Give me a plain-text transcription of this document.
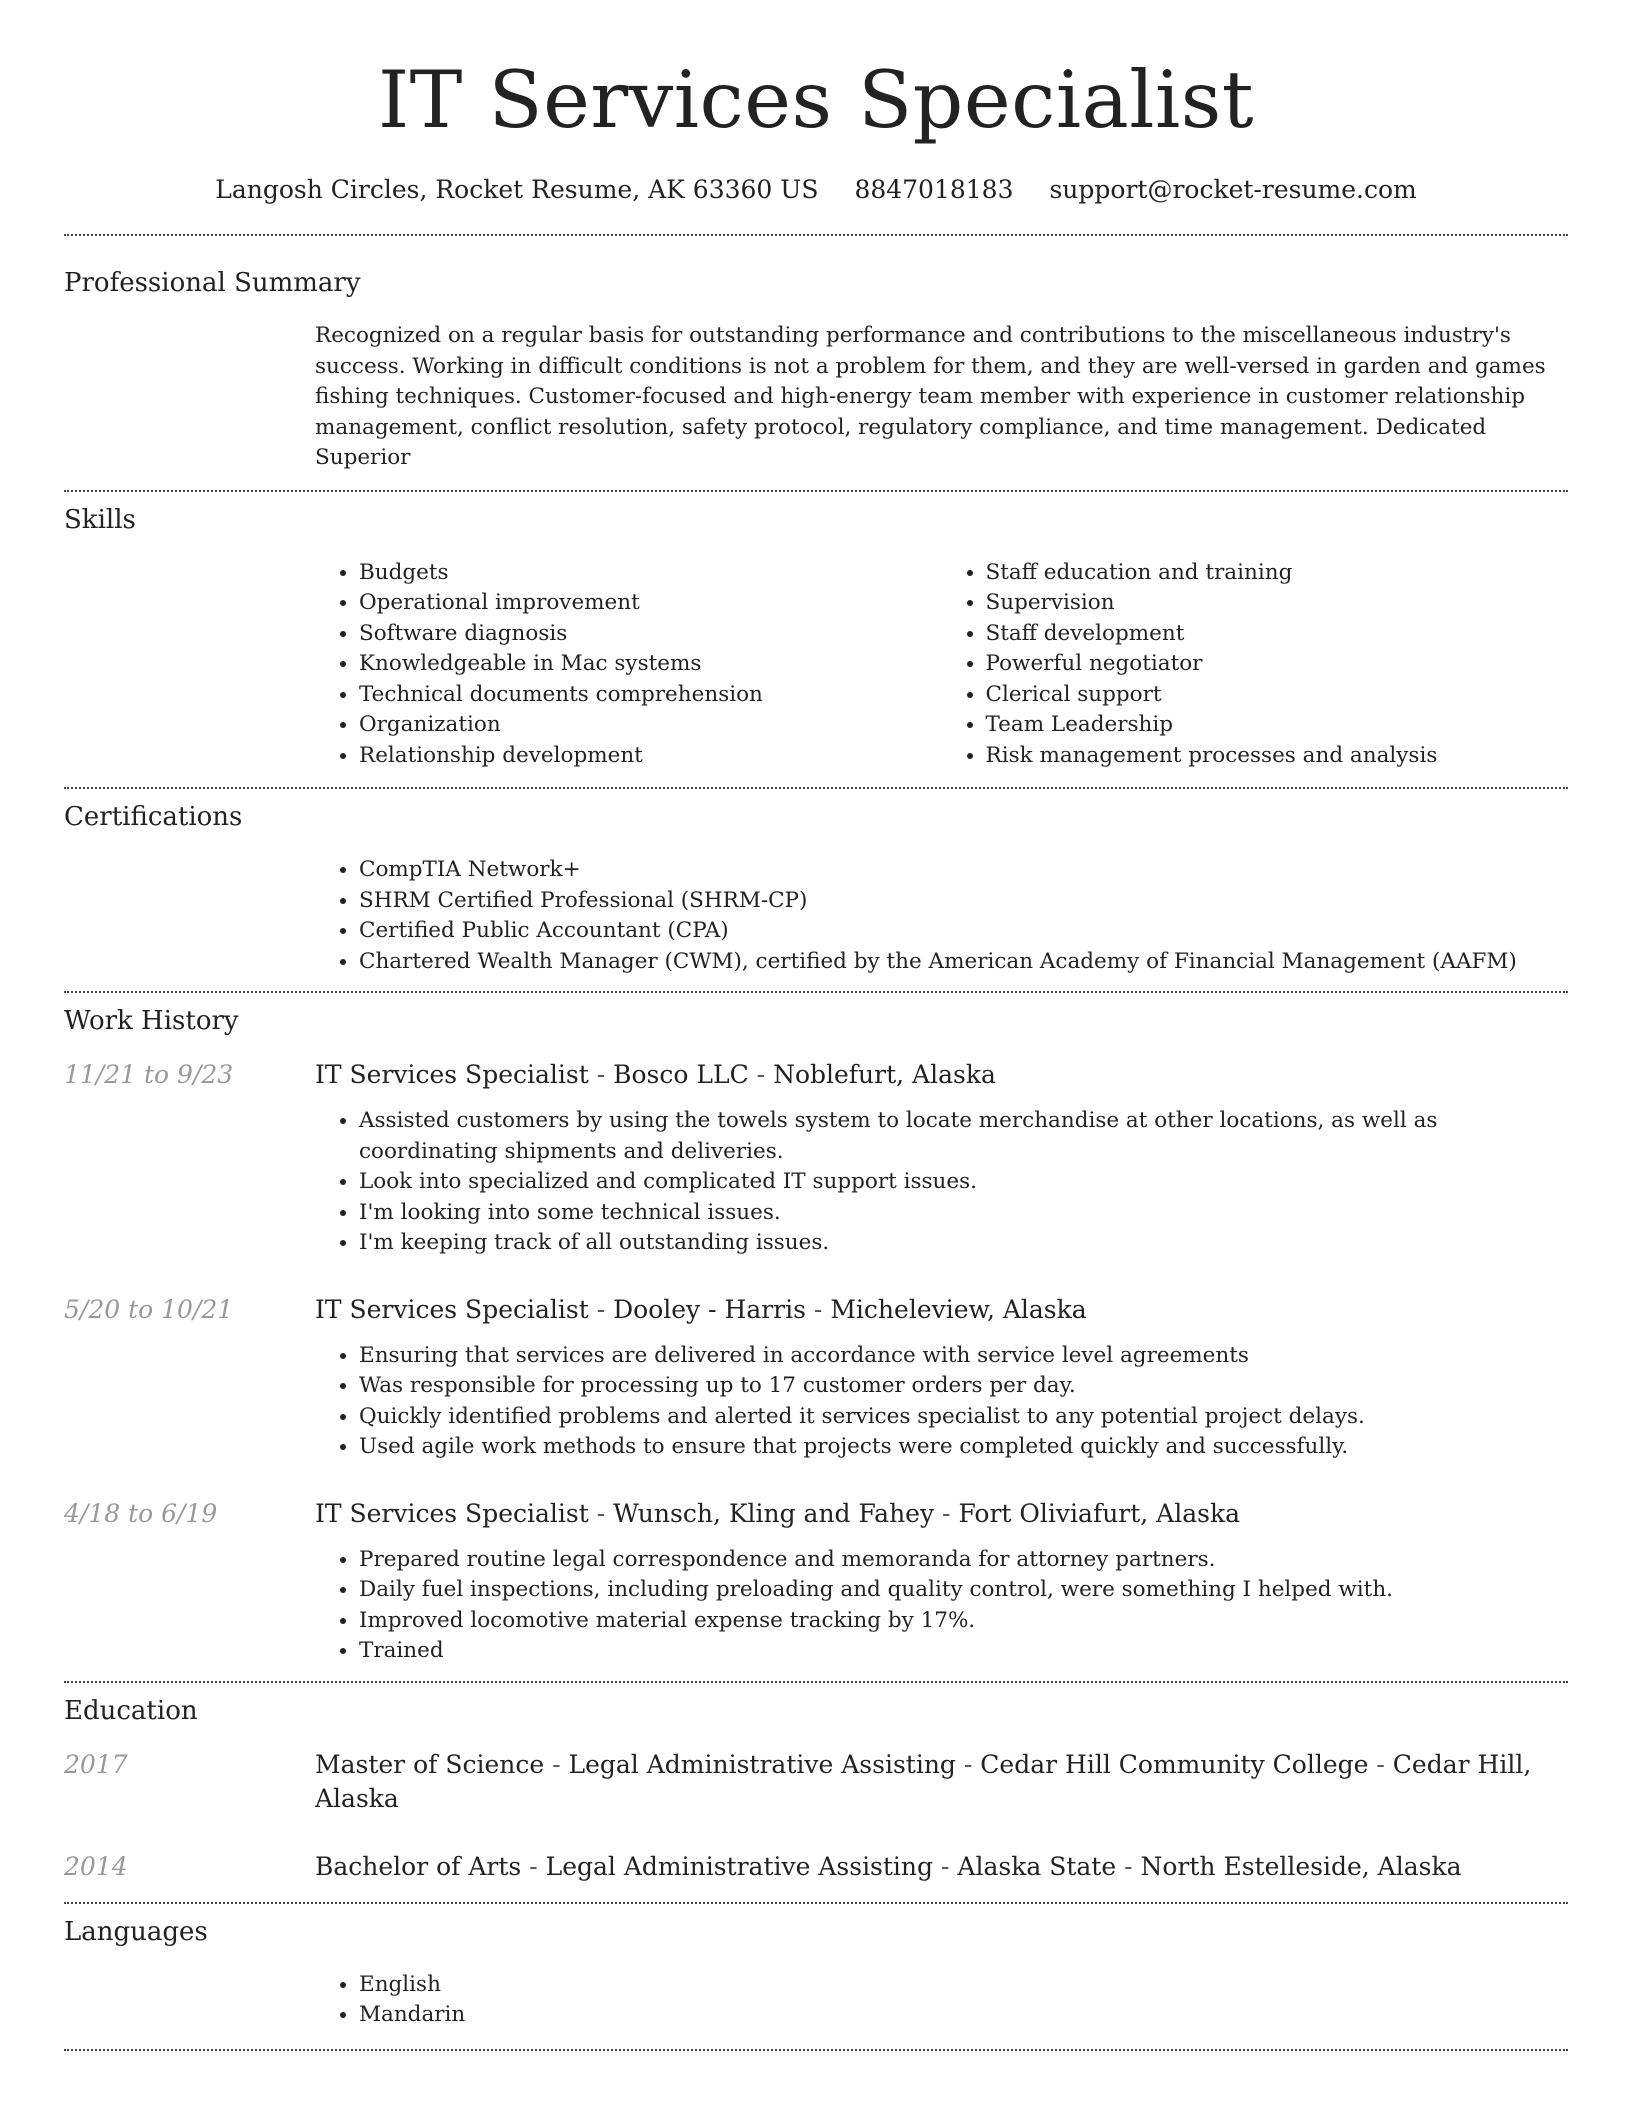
IT Services Specialist
Langosh Circles, Rocket Resume, AK 63360 US 8847018183 support@rocket-resume.com
Professional Summary
Recognized on a regular basis for outstanding performance and contributions to the miscellaneous industry's success. Working in difficult conditions is not a problem for them, and they are well-versed in garden and games fishing techniques. Customer-focused and high-energy team member with experience in customer relationship management, conflict resolution, safety protocol, regulatory compliance, and time management. Dedicated Superior
Skills
• Budgets
• Operational improvement
• Software diagnosis
• Knowledgeable in Mac systems
• Technical documents comprehension
• Organization
• Relationship development
• Staff education and training
• Supervision
• Staff development
• Powerful negotiator
• Clerical support
• Team Leadership
• Risk management processes and analysis
Certifications
• CompTIA Network+
• SHRM Certified Professional (SHRM-CP)
• Certified Public Accountant (CPA)
• Chartered Wealth Manager (CWM), certified by the American Academy of Financial Management (AAFM)
Work History
11/21 to 9/23	IT Services Specialist - Bosco LLC - Noblefurt, Alaska
• Assisted customers by using the towels system to locate merchandise at other locations, as well as coordinating shipments and deliveries.
• Look into specialized and complicated IT support issues.
• I'm looking into some technical issues.
• I'm keeping track of all outstanding issues.
5/20 to 10/21	IT Services Specialist - Dooley - Harris - Micheleview, Alaska
• Ensuring that services are delivered in accordance with service level agreements
• Was responsible for processing up to 17 customer orders per day.
• Quickly identified problems and alerted it services specialist to any potential project delays.
• Used agile work methods to ensure that projects were completed quickly and successfully.
4/18 to 6/19	IT Services Specialist - Wunsch, Kling and Fahey - Fort Oliviafurt, Alaska
• Prepared routine legal correspondence and memoranda for attorney partners.
• Daily fuel inspections, including preloading and quality control, were something I helped with.
• Improved locomotive material expense tracking by 17%.
• Trained
Education
2017	Master of Science - Legal Administrative Assisting - Cedar Hill Community College - Cedar Hill, Alaska
2014	Bachelor of Arts - Legal Administrative Assisting - Alaska State - North Estelleside, Alaska
Languages
• English
• Mandarin
